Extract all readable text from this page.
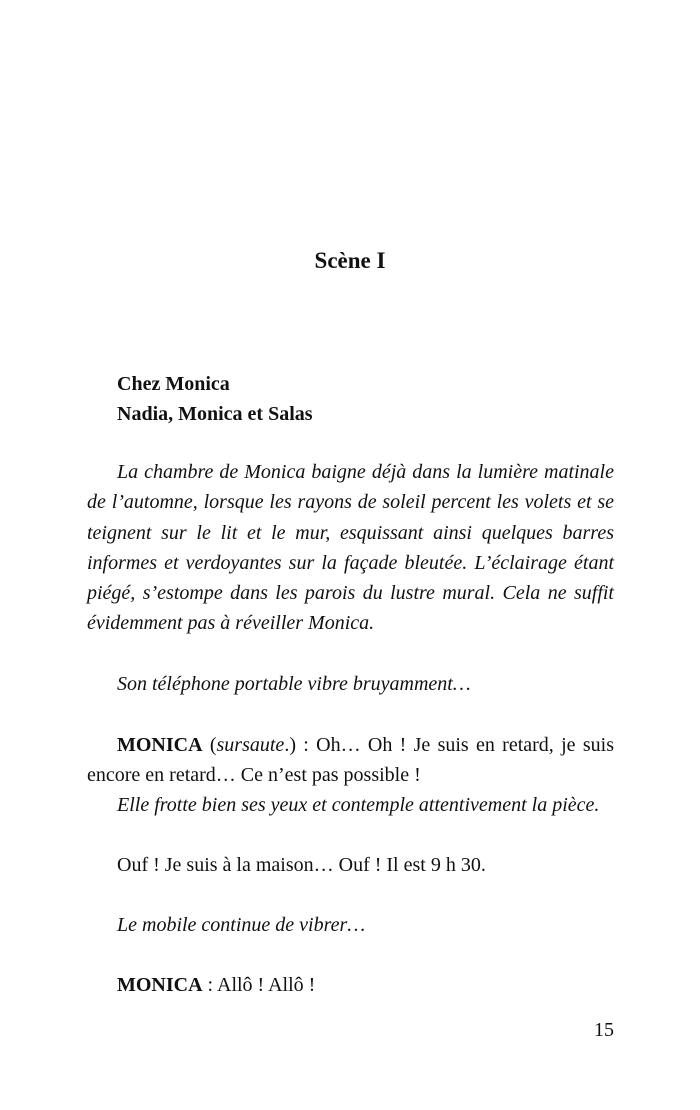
Scène I
Chez Monica
Nadia, Monica et Salas

La chambre de Monica baigne déjà dans la lumière matinale de l’automne, lorsque les rayons de soleil percent les volets et se teignent sur le lit et le mur, esquissant ainsi quelques barres informes et verdoyantes sur la façade bleutée. L’éclairage étant piégé, s’estompe dans les parois du lustre mural. Cela ne suffit évidemment pas à réveiller Monica.

Son téléphone portable vibre bruyamment…

MONICA (sursaute.) : Oh… Oh ! Je suis en retard, je suis encore en retard… Ce n’est pas possible !

Elle frotte bien ses yeux et contemple attentivement la pièce.

Ouf ! Je suis à la maison… Ouf ! Il est 9 h 30.

Le mobile continue de vibrer…

MONICA : Allô ! Allô !

15
